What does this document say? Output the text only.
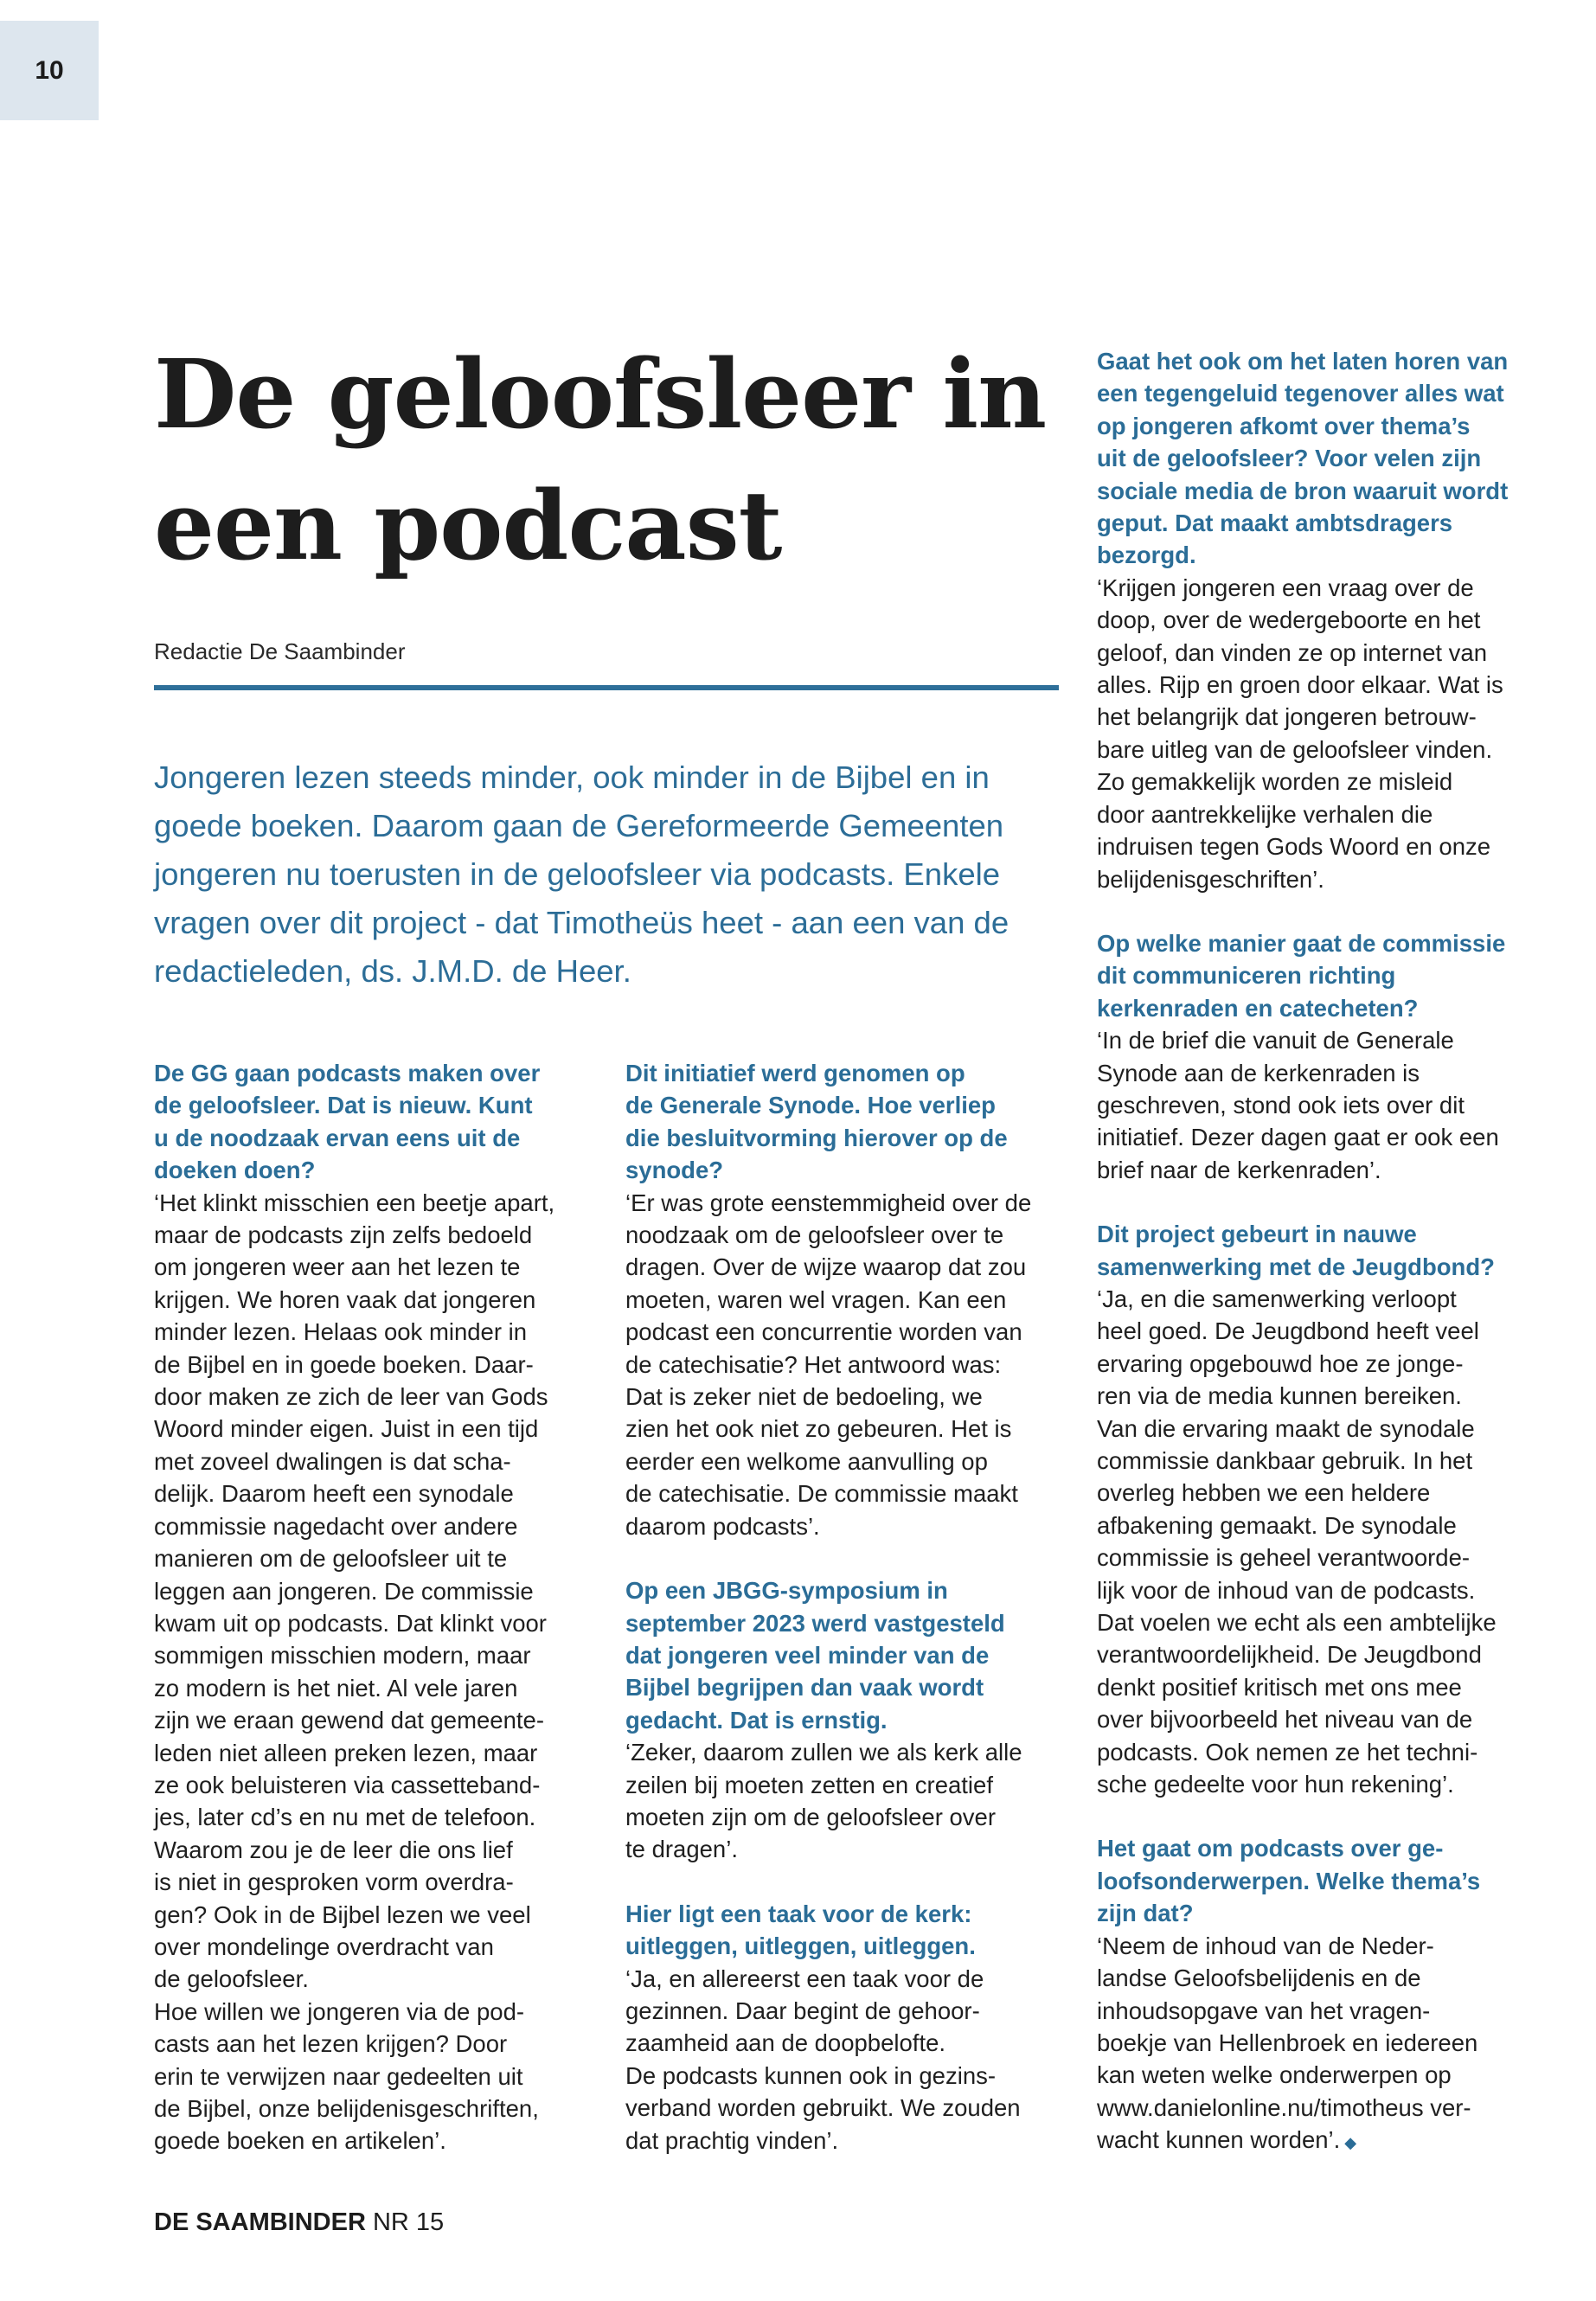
10
De geloofsleer in
een podcast
Redactie De Saambinder

Jongeren lezen steeds minder, ook minder in de Bijbel en in goede boeken. Daarom gaan de Gereformeerde Gemeenten jongeren nu toerusten in de geloofsleer via podcasts. Enkele vragen over dit project - dat Timotheüs heet - aan een van de redactieleden, ds. J.M.D. de Heer.

De GG gaan podcasts maken over
de geloofsleer. Dat is nieuw. Kunt
u de noodzaak ervan eens uit de
doeken doen?
‘Het klinkt misschien een beetje apart,
maar de podcasts zijn zelfs bedoeld
om jongeren weer aan het lezen te
krijgen. We horen vaak dat jongeren
minder lezen. Helaas ook minder in
de Bijbel en in goede boeken. Daar-
door maken ze zich de leer van Gods
Woord minder eigen. Juist in een tijd
met zoveel dwalingen is dat scha-
delijk. Daarom heeft een synodale
commissie nagedacht over andere
manieren om de geloofsleer uit te
leggen aan jongeren. De commissie
kwam uit op podcasts. Dat klinkt voor
sommigen misschien modern, maar
zo modern is het niet. Al vele jaren
zijn we eraan gewend dat gemeente-
leden niet alleen preken lezen, maar
ze ook beluisteren via cassetteband-
jes, later cd’s en nu met de telefoon.
Waarom zou je de leer die ons lief
is niet in gesproken vorm overdra-
gen? Ook in de Bijbel lezen we veel
over mondelinge overdracht van
de geloofsleer.
Hoe willen we jongeren via de pod-
casts aan het lezen krijgen? Door
erin te verwijzen naar gedeelten uit
de Bijbel, onze belijdenisgeschriften,
goede boeken en artikelen’.
Dit initiatief werd genomen op
de Generale Synode. Hoe verliep
die besluitvorming hierover op de
synode?
‘Er was grote eenstemmigheid over de
noodzaak om de geloofsleer over te
dragen. Over de wijze waarop dat zou
moeten, waren wel vragen. Kan een
podcast een concurrentie worden van
de catechisatie? Het antwoord was:
Dat is zeker niet de bedoeling, we
zien het ook niet zo gebeuren. Het is
eerder een welkome aanvulling op
de catechisatie. De commissie maakt
daarom podcasts’.
Op een JBGG-symposium in
september 2023 werd vastgesteld
dat jongeren veel minder van de
Bijbel begrijpen dan vaak wordt
gedacht. Dat is ernstig.
‘Zeker, daarom zullen we als kerk alle
zeilen bij moeten zetten en creatief
moeten zijn om de geloofsleer over
te dragen’.
Hier ligt een taak voor de kerk:
uitleggen, uitleggen, uitleggen.
‘Ja, en allereerst een taak voor de
gezinnen. Daar begint de gehoor-
zaamheid aan de doopbelofte.
De podcasts kunnen ook in gezins-
verband worden gebruikt. We zouden
dat prachtig vinden’.
Gaat het ook om het laten horen van
een tegengeluid tegenover alles wat
op jongeren afkomt over thema’s
uit de geloofsleer? Voor velen zijn
sociale media de bron waaruit wordt
geput. Dat maakt ambtsdragers
bezorgd.
‘Krijgen jongeren een vraag over de
doop, over de wedergeboorte en het
geloof, dan vinden ze op internet van
alles. Rijp en groen door elkaar. Wat is
het belangrijk dat jongeren betrouw-
bare uitleg van de geloofsleer vinden.
Zo gemakkelijk worden ze misleid
door aantrekkelijke verhalen die
indruisen tegen Gods Woord en onze
belijdenisgeschriften’.
Op welke manier gaat de commissie
dit communiceren richting
kerkenraden en catecheten?
‘In de brief die vanuit de Generale
Synode aan de kerkenraden is
geschreven, stond ook iets over dit
initiatief. Dezer dagen gaat er ook een
brief naar de kerkenraden’.
Dit project gebeurt in nauwe
samenwerking met de Jeugdbond?
‘Ja, en die samenwerking verloopt
heel goed. De Jeugdbond heeft veel
ervaring opgebouwd hoe ze jonge-
ren via de media kunnen bereiken.
Van die ervaring maakt de synodale
commissie dankbaar gebruik. In het
overleg hebben we een heldere
afbakening gemaakt. De synodale
commissie is geheel verantwoorde-
lijk voor de inhoud van de podcasts.
Dat voelen we echt als een ambtelijke
verantwoordelijkheid. De Jeugdbond
denkt positief kritisch met ons mee
over bijvoorbeeld het niveau van de
podcasts. Ook nemen ze het techni-
sche gedeelte voor hun rekening’.
Het gaat om podcasts over ge-
loofsonderwerpen. Welke thema’s
zijn dat?
‘Neem de inhoud van de Neder-
landse Geloofsbelijdenis en de
inhoudsopgave van het vragen-
boekje van Hellenbroek en iedereen
kan weten welke onderwerpen op
www.danielonline.nu/timotheus ver-
wacht kunnen worden’. ◆
DE SAAMBINDER NR 15
